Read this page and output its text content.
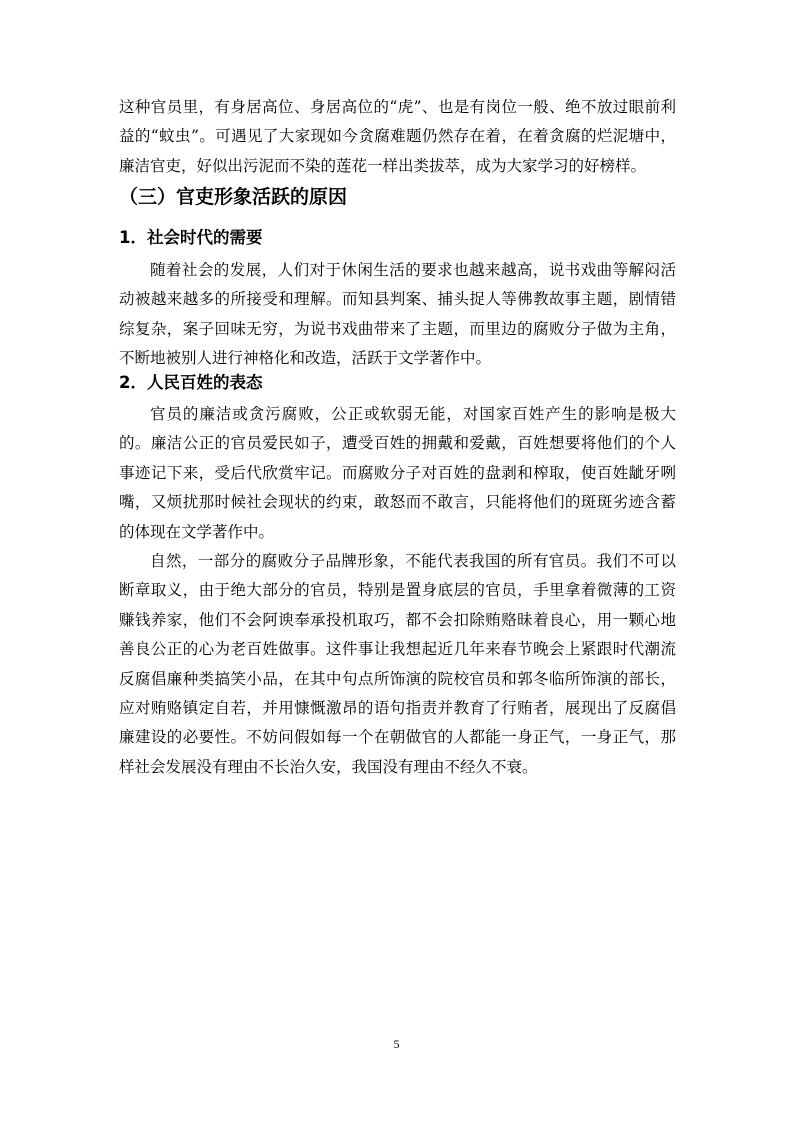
这种官员里，有身居高位、身居高位的“虎”、也是有岗位一般、绝不放过眼前利益的“蚊虫”。可遇见了大家现如今贪腐难题仍然存在着，在着贪腐的烂泥塘中，廉洁官吏，好似出污泥而不染的莲花一样出类拔萃，成为大家学习的好榜样。

（三）官吏形象活跃的原因
1．社会时代的需要

随着社会的发展，人们对于休闲生活的要求也越来越高，说书戏曲等解闷活动被越来越多的所接受和理解。而知县判案、捕头捉人等佛教故事主题，剧情错综复杂，案子回味无穷，为说书戏曲带来了主题，而里边的腐败分子做为主角，不断地被别人进行神格化和改造，活跃于文学著作中。

2．人民百姓的表态

官员的廉洁或贪污腐败，公正或软弱无能，对国家百姓产生的影响是极大的。廉洁公正的官员爱民如子，遭受百姓的拥戴和爱戴，百姓想要将他们的个人事迹记下来，受后代欣赏牢记。而腐败分子对百姓的盘剥和榨取，使百姓龇牙咧嘴，又烦扰那时候社会现状的约束，敢怒而不敢言，只能将他们的斑斑劣迹含蓄的体现在文学著作中。

自然，一部分的腐败分子品牌形象，不能代表我国的所有官员。我们不可以断章取义，由于绝大部分的官员，特别是置身底层的官员，手里拿着微薄的工资赚钱养家，他们不会阿谀奉承投机取巧，都不会扣除贿赂昧着良心，用一颗心地善良公正的心为老百姓做事。这件事让我想起近几年来春节晚会上紧跟时代潮流反腐倡廉种类搞笑小品，在其中句点所饰演的院校官员和郭冬临所饰演的部长，应对贿赂镇定自若，并用慷慨激昂的语句指责并教育了行贿者，展现出了反腐倡廉建设的必要性。不妨问假如每一个在朝做官的人都能一身正气，一身正气，那样社会发展没有理由不长治久安，我国没有理由不经久不衰。

5
